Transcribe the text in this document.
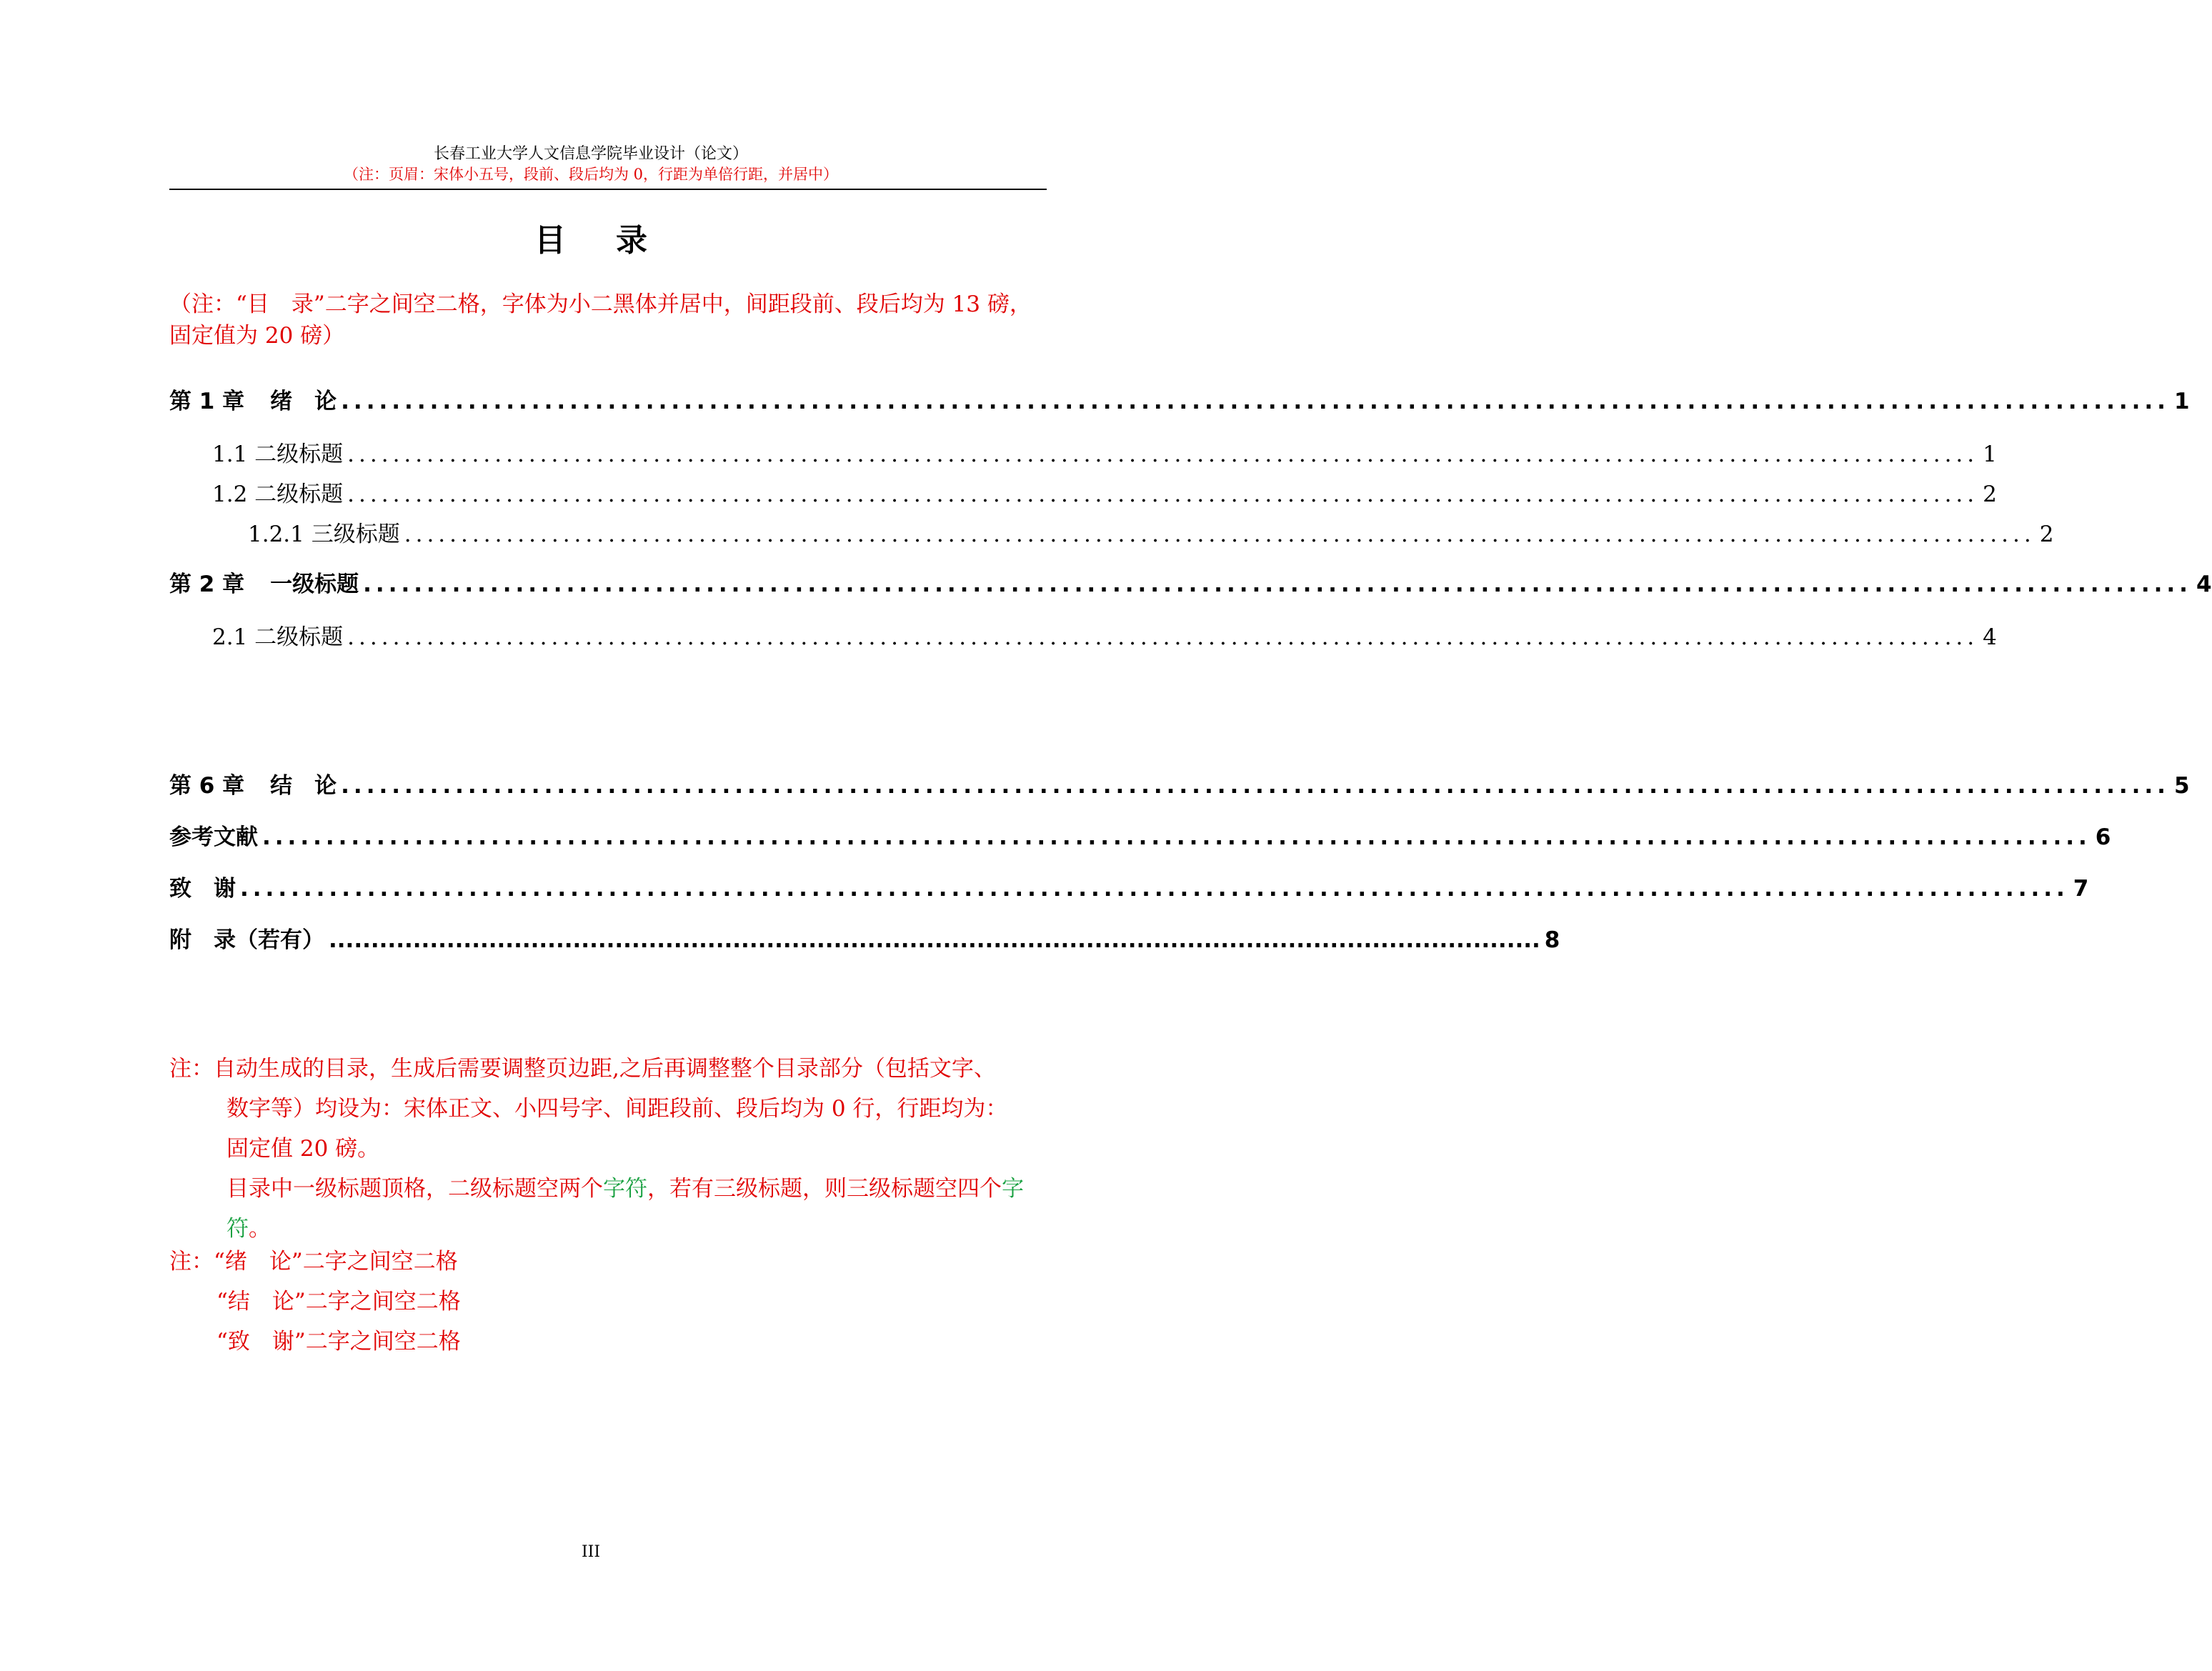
长春工业大学人文信息学院毕业设计（论文）
（注：页眉：宋体小五号，段前、段后均为 0，行距为单倍行距，并居中）
目 录
（注：“目　录”二字之间空二格，字体为小二黑体并居中，间距段前、段后均为 13 磅，固定值为 20 磅）
第 1 章 绪　论 ................................................................................................................................................ 1
1.1 二级标题 ................................................................................................................................................ 1
1.2 二级标题 ................................................................................................................................................ 2
1.2.1 三级标题 ................................................................................................................................................ 2
第 2 章 一级标题 ................................................................................................................................................ 4
2.1 二级标题 ................................................................................................................................................ 4
第 6 章 结　论 ................................................................................................................................................ 5
参考文献 ................................................................................................................................................ 6
致　谢 ................................................................................................................................................ 7
附　录（若有） ................................................................................................................................................ 8
注：自动生成的目录，生成后需要调整页边距,之后再调整整个目录部分（包括文字、
数字等）均设为：宋体正文、小四号字、间距段前、段后均为 0 行，行距均为：
固定值 20 磅。
目录中一级标题顶格，二级标题空两个字符，若有三级标题，则三级标题空四个字符。
注：“绪　论”二字之间空二格
“结　论”二字之间空二格
“致　谢”二字之间空二格
III
